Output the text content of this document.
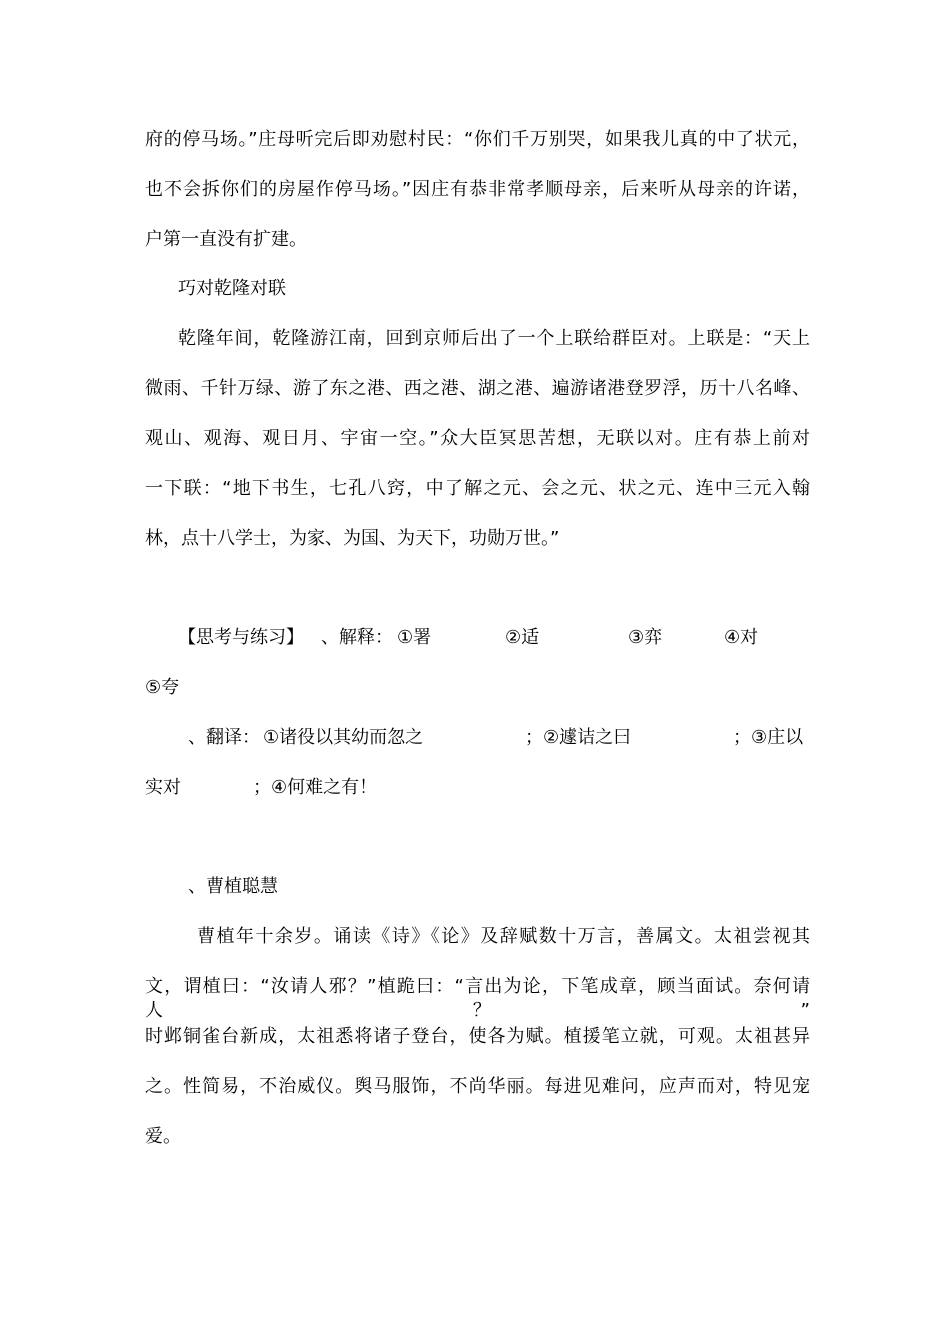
府的停马场。”庄母听完后即劝慰村民：“你们千万别哭，如果我儿真的中了状元，
也不会拆你们的房屋作停马场。”因庄有恭非常孝顺母亲，后来听从母亲的许诺，
户第一直没有扩建。
巧对乾隆对联
乾隆年间，乾隆游江南，回到京师后出了一个上联给群臣对。上联是：“天上
微雨、千针万绿、游了东之港、西之港、湖之港、遍游诸港登罗浮，历十八名峰、
观山、观海、观日月、宇宙一空。”众大臣冥思苦想，无联以对。庄有恭上前对
一下联：“地下书生，七孔八窍，中了解之元、会之元、状之元、连中三元入翰
林，点十八学士，为家、为国、为天下，功勋万世。”
【思考与练习】 、解释： ①署	②适	③弈	④对
⑤夸
、翻译： ①诸役以其幼而忽之	；②遽诘之曰	；③庄以
实对	；④何难之有！
、曹植聪慧
曹植年十余岁。诵读《诗》《论》及辞赋数十万言，善属文。太祖尝视其
文，谓植曰：“汝请人邪？”植跪曰：“言出为论，下笔成章，顾当面试。奈何请人？”
时邺铜雀台新成，太祖悉将诸子登台，使各为赋。植援笔立就，可观。太祖甚异
之。性简易，不治威仪。舆马服饰，不尚华丽。每进见难问，应声而对，特见宠
爱。
